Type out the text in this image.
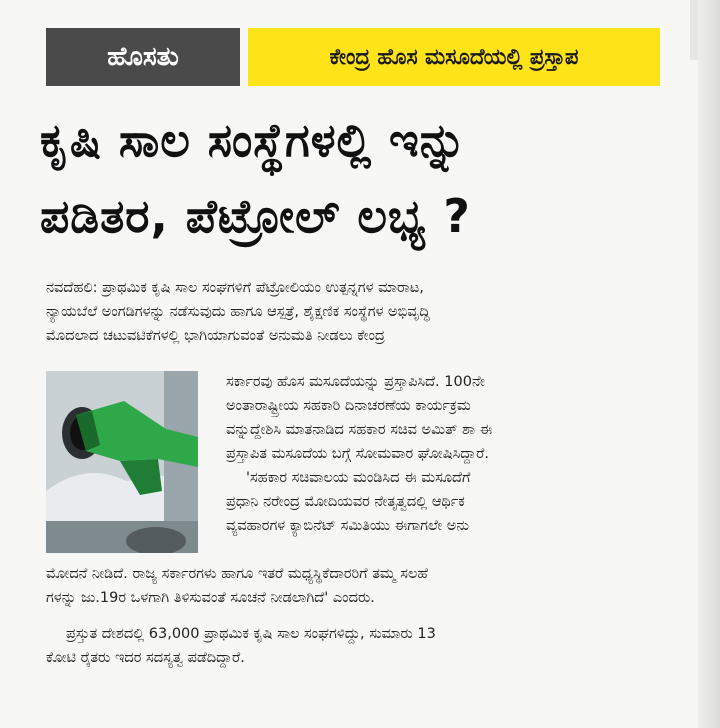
ಹೊಸತು	ಕೇಂದ್ರ ಹೊಸ ಮಸೂದೆಯಲ್ಲಿ ಪ್ರಸ್ತಾಪ
ಕೃಷಿ ಸಾಲ ಸಂಸ್ಥೆಗಳಲ್ಲಿ ಇನ್ನು
ಪಡಿತರ, ಪೆಟ್ರೋಲ್ ಲಭ್ಯ ?
ನವದೆಹಲಿ: ಪ್ರಾಥಮಿಕ ಕೃಷಿ ಸಾಲ ಸಂಘಗಳಿಗೆ ಪೆಟ್ರೋಲಿಯಂ ಉತ್ಪನ್ನಗಳ ಮಾರಾಟ,
ನ್ಯಾಯಬೆಲೆ ಅಂಗಡಿಗಳನ್ನು ನಡೆಸುವುದು ಹಾಗೂ ಆಸ್ಪತ್ರೆ, ಶೈಕ್ಷಣಿಕ ಸಂಸ್ಥೆಗಳ ಅಭಿವೃದ್ಧಿ
ಮೊದಲಾದ ಚಟುವಟಿಕೆಗಳಲ್ಲಿ ಭಾಗಿಯಾಗುವಂತೆ ಅನುಮತಿ ನೀಡಲು ಕೇಂದ್ರ
ಸರ್ಕಾರವು ಹೊಸ ಮಸೂದೆಯನ್ನು ಪ್ರಸ್ತಾಪಿಸಿದೆ. 100ನೇ
ಅಂತಾರಾಷ್ಟ್ರೀಯ ಸಹಕಾರಿ ದಿನಾಚರಣೆಯ ಕಾರ್ಯಕ್ರಮ
ವನ್ನುದ್ದೇಶಿಸಿ ಮಾತನಾಡಿದ ಸಹಕಾರ ಸಚಿವ ಅಮಿತ್ ಶಾ ಈ
ಪ್ರಸ್ತಾಪಿತ ಮಸೂದೆಯ ಬಗ್ಗೆ ಸೋಮವಾರ ಘೋಷಿಸಿದ್ದಾರೆ.
'ಸಹಕಾರ ಸಚಿವಾಲಯ ಮಂಡಿಸಿದ ಈ ಮಸೂದೆಗೆ
ಪ್ರಧಾನಿ ನರೇಂದ್ರ ಮೋದಿಯವರ ನೇತೃತ್ವದಲ್ಲಿ ಆರ್ಥಿಕ
ವ್ಯವಹಾರಗಳ ಕ್ಯಾಬಿನೆಟ್ ಸಮಿತಿಯು ಈಗಾಗಲೇ ಅನು
ಮೋದನೆ ನೀಡಿದೆ. ರಾಜ್ಯ ಸರ್ಕಾರಗಳು ಹಾಗೂ ಇತರೆ ಮಧ್ಯಸ್ಥಿಕೆದಾರರಿಗೆ ತಮ್ಮ ಸಲಹೆ
ಗಳನ್ನು ಜು.19ರ ಒಳಗಾಗಿ ತಿಳಿಸುವಂತೆ ಸೂಚನೆ ನೀಡಲಾಗಿದೆ' ಎಂದರು.
ಪ್ರಸ್ತುತ ದೇಶದಲ್ಲಿ 63,000 ಪ್ರಾಥಮಿಕ ಕೃಷಿ ಸಾಲ ಸಂಘಗಳಿದ್ದು, ಸುಮಾರು 13
ಕೋಟಿ ರೈತರು ಇದರ ಸದಸ್ಯತ್ವ ಪಡೆದಿದ್ದಾರೆ.
